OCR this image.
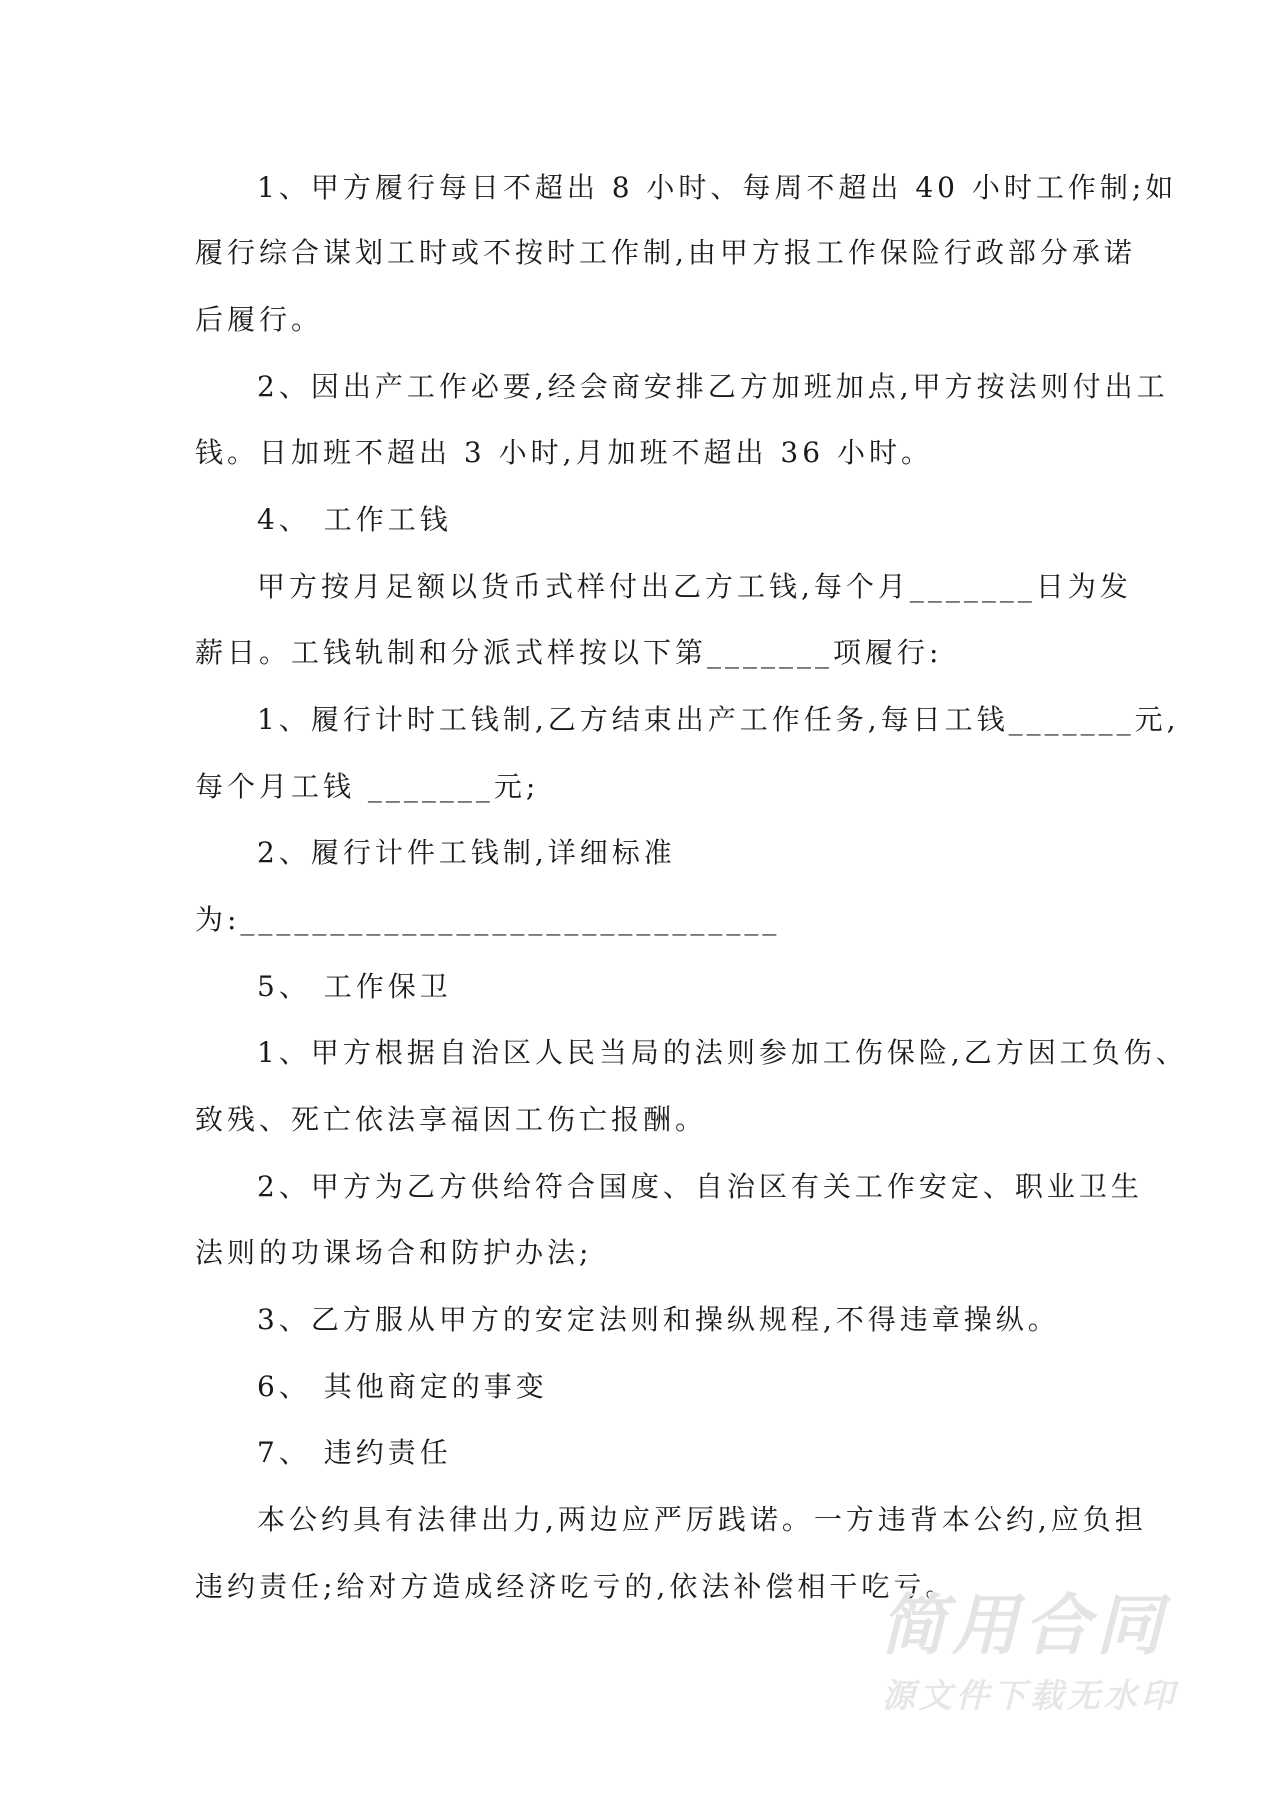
1、甲方履行每日不超出 8 小时、每周不超出 40 小时工作制;如
履行综合谋划工时或不按时工作制,由甲方报工作保险行政部分承诺
后履行。
2、因出产工作必要,经会商安排乙方加班加点,甲方按法则付出工
钱。日加班不超出 3 小时,月加班不超出 36 小时。
4、 工作工钱
甲方按月足额以货币式样付出乙方工钱,每个月_______日为发
薪日。工钱轨制和分派式样按以下第_______项履行:
1、履行计时工钱制,乙方结束出产工作任务,每日工钱_______元,
每个月工钱 _______元;
2、履行计件工钱制,详细标准
为:______________________________
5、 工作保卫
1、甲方根据自治区人民当局的法则参加工伤保险,乙方因工负伤、
致残、死亡依法享福因工伤亡报酬。
2、甲方为乙方供给符合国度、自治区有关工作安定、职业卫生
法则的功课场合和防护办法;
3、乙方服从甲方的安定法则和操纵规程,不得违章操纵。
6、 其他商定的事变
7、 违约责任
本公约具有法律出力,两边应严厉践诺。一方违背本公约,应负担
违约责任;给对方造成经济吃亏的,依法补偿相干吃亏。
简用合同
源文件下载无水印
